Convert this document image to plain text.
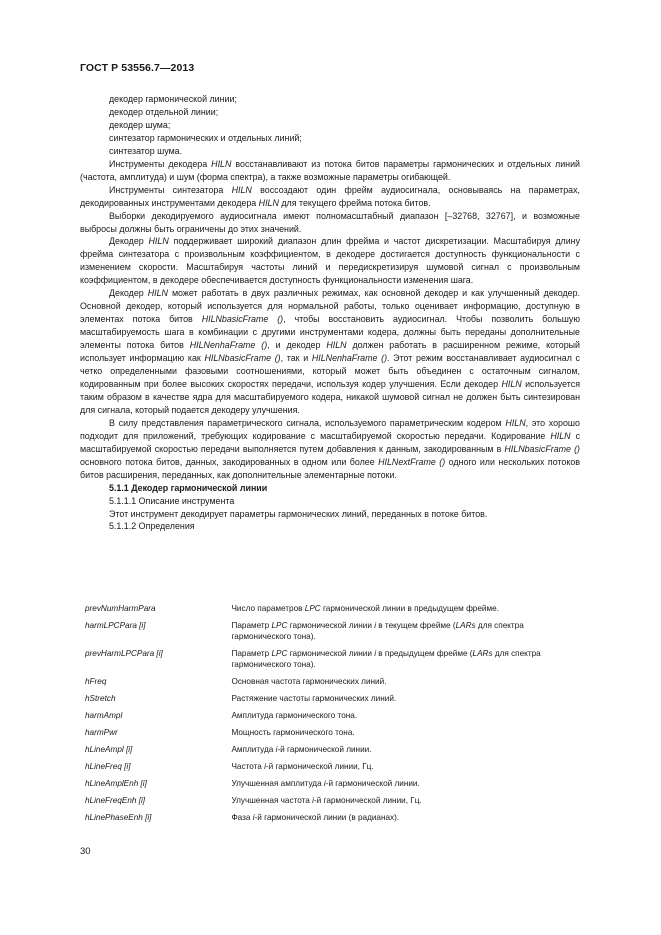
ГОСТ Р 53556.7—2013

декодер гармонической линии;

декодер отдельной линии;

декодер шума;

синтезатор гармонических и отдельных линий;

синтезатор шума.

Инструменты декодера HILN восстанавливают из потока битов параметры гармонических и отдельных линий (частота, амплитуда) и шум (форма спектра), а также возможные параметры огибающей.

Инструменты синтезатора HILN воссоздают один фрейм аудиосигнала, основываясь на параметрах, декодированных инструментами декодера HILN для текущего фрейма потока битов.

Выборки декодируемого аудиосигнала имеют полномасштабный диапазон [–32768, 32767], и возможные выбросы должны быть ограничены до этих значений.

Декодер HILN поддерживает широкий диапазон длин фрейма и частот дискретизации. Масштабируя длину фрейма синтезатора с произвольным коэффициентом, в декодере достигается доступность функциональности с изменением скорости. Масштабируя частоты линий и передискретизируя шумовой сигнал с произвольным коэффициентом, в декодере обеспечивается доступность функциональности изменения шага.

Декодер HILN может работать в двух различных режимах, как основной декодер и как улучшенный декодер. Основной декодер, который используется для нормальной работы, только оценивает информацию, доступную в элементах потока битов HILNbasicFrame (), чтобы восстановить аудиосигнал. Чтобы позволить большую масштабируемость шага в комбинации с другими инструментами кодера, должны быть переданы дополнительные элементы потока битов HILNenhaFrame (), и декодер HILN должен работать в расширенном режиме, который использует информацию как HILNbasicFrame (), так и HILNenhaFrame (). Этот режим восстанавливает аудиосигнал с четко определенными фазовыми соотношениями, который может быть объединен с остаточным сигналом, кодированным при более высоких скоростях передачи, используя кодер улучшения. Если декодер HILN используется таким образом в качестве ядра для масштабируемого кодера, никакой шумовой сигнал не должен быть синтезирован для сигнала, который подается декодеру улучшения.

В силу представления параметрического сигнала, используемого параметрическим кодером HILN, это хорошо подходит для приложений, требующих кодирование с масштабируемой скоростью передачи. Кодирование HILN с масштабируемой скоростью передачи выполняется путем добавления к данным, закодированным в HILNbasicFrame () основного потока битов, данных, закодированных в одном или более HILNextFrame () одного или нескольких потоков битов расширения, переданных, как дополнительные элементарные потоки.

5.1.1 Декодер гармонической линии

5.1.1.1 Описание инструмента

Этот инструмент декодирует параметры гармонических линий, переданных в потоке битов.

5.1.1.2 Определения

prevNumHarmPara	Число параметров LPC гармонической линии в предыдущем фрейме.
harmLPCPara [i]	Параметр LPC гармонической линии i в текущем фрейме (LARs для спектра гармонического тона).
prevHarmLPCPara [i]	Параметр LPC гармонической линии i в предыдущем фрейме (LARs для спектра гармонического тона).
hFreq	Основная частота гармонических линий.
hStretch	Растяжение частоты гармонических линий.
harmAmpl	Амплитуда гармонического тона.
harmPwr	Мощность гармонического тона.
hLineAmpl [i]	Амплитуда i-й гармонической линии.
hLineFreq [i]	Частота i-й гармонической линии, Гц.
hLineAmplEnh [i]	Улучшенная амплитуда i-й гармонической линии.
hLineFreqEnh [i]	Улучшенная частота i-й гармонической линии, Гц.
hLinePhaseEnh [i]	Фаза i-й гармонической линии (в радианах).
30
